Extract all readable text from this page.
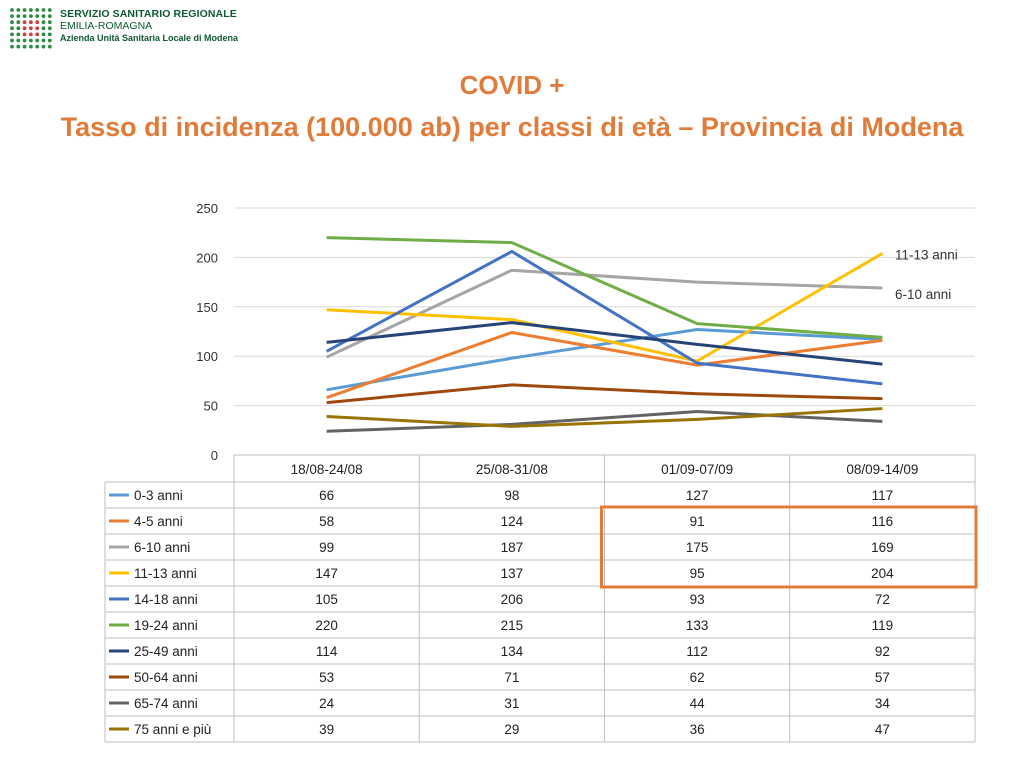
SERVIZIO SANITARIO REGIONALE
EMILIA-ROMAGNA
Azienda Unità Sanitaria Locale di Modena
COVID +
Tasso di incidenza (100.000 ab) per classi di età – Provincia di Modena
0
50
100
150
200
250
11-13 anni
6-10 anni
18/08-24/08	25/08-31/08	01/09-07/09	08/09-14/09
0-3 anni	66	98	127	117
4-5 anni	58	124	91	116
6-10 anni	99	187	175	169
11-13 anni	147	137	95	204
14-18 anni	105	206	93	72
19-24 anni	220	215	133	119
25-49 anni	114	134	112	92
50-64 anni	53	71	62	57
65-74 anni	24	31	44	34
75 anni e più	39	29	36	47
